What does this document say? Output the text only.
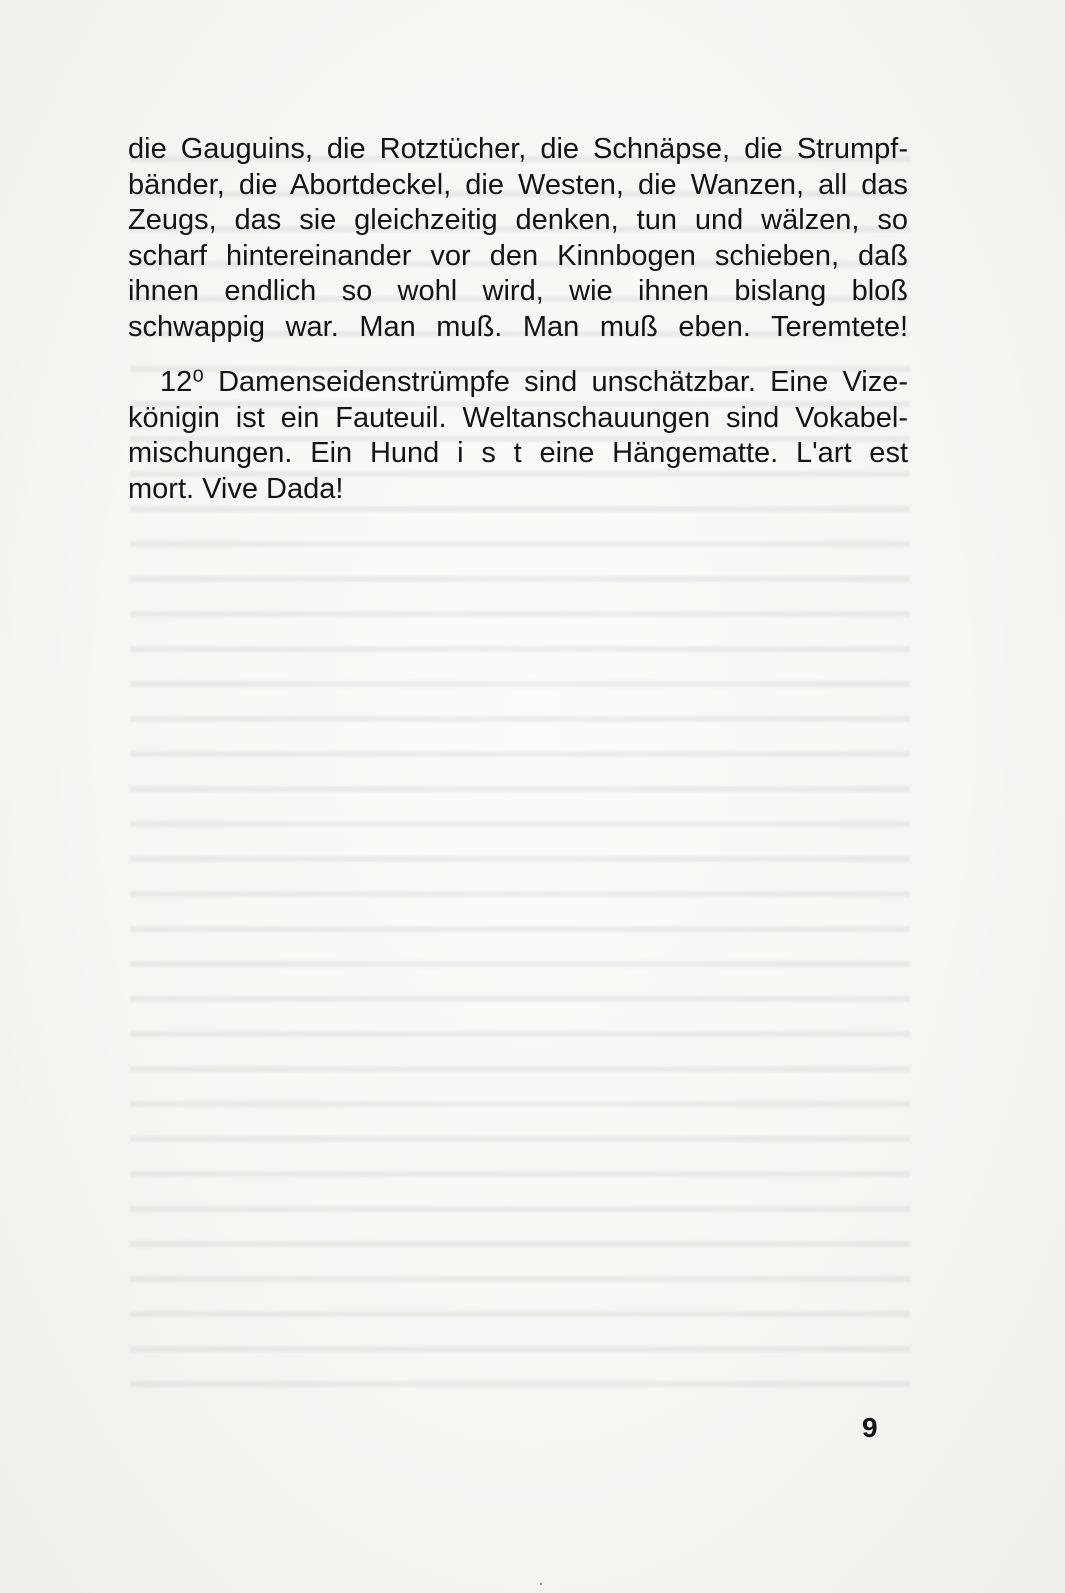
die Gauguins, die Rotztücher, die Schnäpse, die Strumpf-
bänder, die Abortdeckel, die Westen, die Wanzen, all das
Zeugs, das sie gleichzeitig denken, tun und wälzen, so
scharf hintereinander vor den Kinnbogen schieben, daß
ihnen endlich so wohl wird, wie ihnen bislang bloß
schwappig war. Man muß. Man muß eben. Teremtete!

12⁰ Damenseidenstrümpfe sind unschätzbar. Eine Vize-
königin ist ein Fauteuil. Weltanschauungen sind Vokabel-
mischungen. Ein Hund i s t eine Hängematte. L'art est
mort. Vive Dada!

9
